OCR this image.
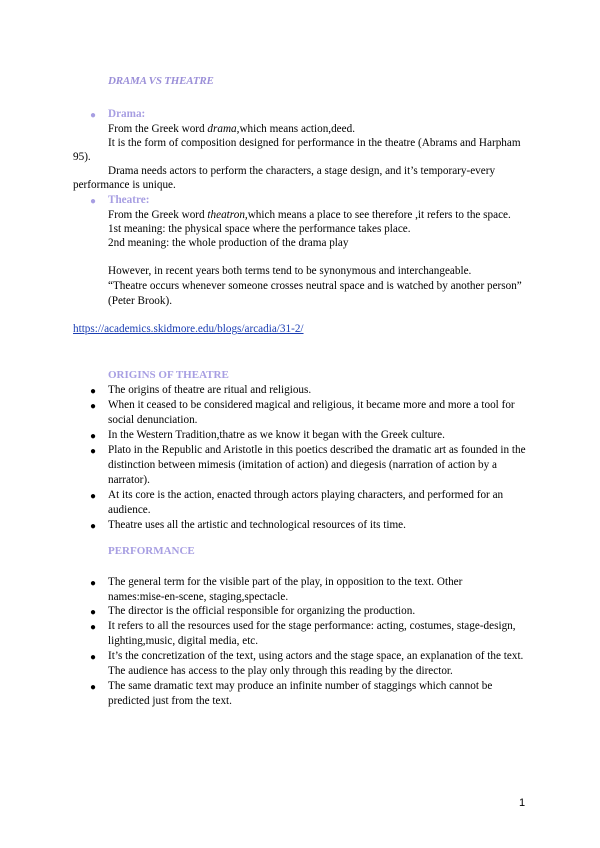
DRAMA VS THEATRE
● Drama:
From the Greek word drama,which means action,deed.
It is the form of composition designed for performance in the theatre (Abrams and Harpham
95).
Drama needs actors to perform the characters, a stage design, and it’s temporary-every
performance is unique.
● Theatre:
From the Greek word theatron,which means a place to see therefore ,it refers to the space.
1st meaning: the physical space where the performance takes place.
2nd meaning: the whole production of the drama play
However, in recent years both terms tend to be synonymous and interchangeable.
“Theatre occurs whenever someone crosses neutral space and is watched by another person”
(Peter Brook).
https://academics.skidmore.edu/blogs/arcadia/31-2/
ORIGINS OF THEATRE
● The origins of theatre are ritual and religious.
● When it ceased to be considered magical and religious, it became more and more a tool for
social denunciation.
● In the Western Tradition,thatre as we know it began with the Greek culture.
● Plato in the Republic and Aristotle in this poetics described the dramatic art as founded in the
distinction between mimesis (imitation of action) and diegesis (narration of action by a
narrator).
● At its core is the action, enacted through actors playing characters, and performed for an
audience.
● Theatre uses all the artistic and technological resources of its time.
PERFORMANCE
● The general term for the visible part of the play, in opposition to the text. Other
names:mise-en-scene, staging,spectacle.
● The director is the official responsible for organizing the production.
● It refers to all the resources used for the stage performance: acting, costumes, stage-design,
lighting,music, digital media, etc.
● It’s the concretization of the text, using actors and the stage space, an explanation of the text.
The audience has access to the play only through this reading by the director.
● The same dramatic text may produce an infinite number of staggings which cannot be
predicted just from the text.
1
